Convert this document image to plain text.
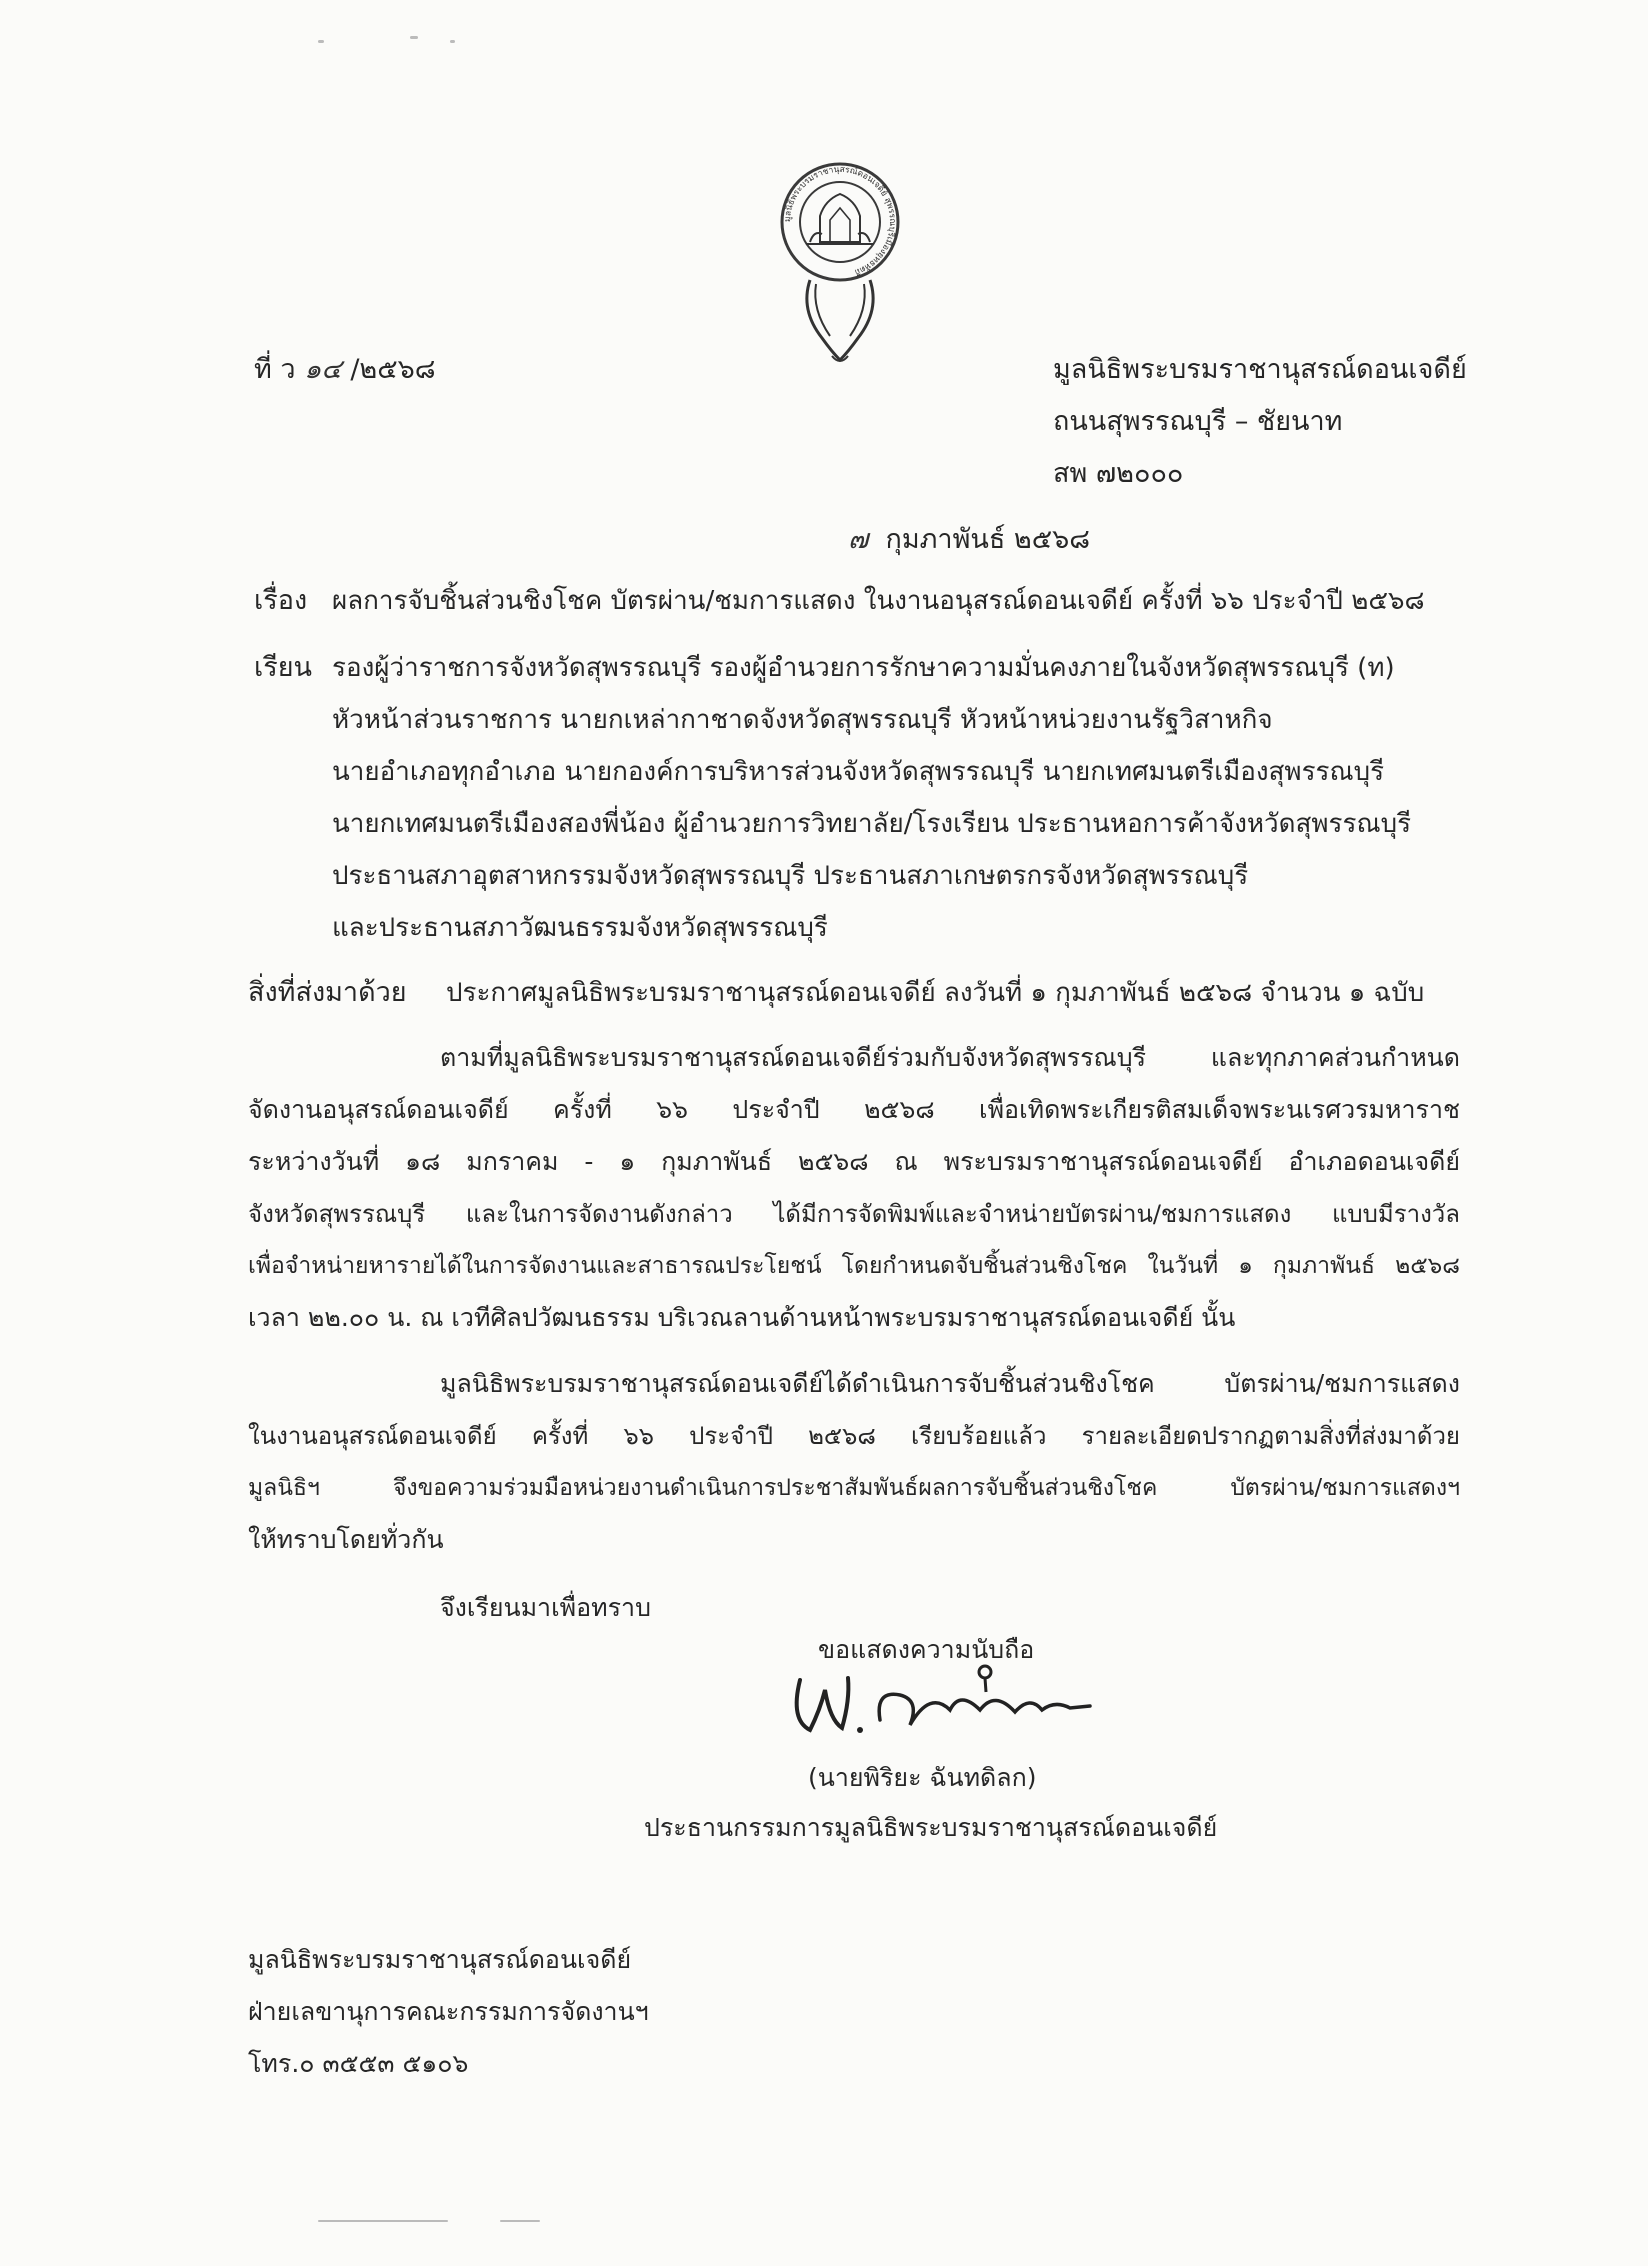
มูลนิธิพระบรมราชานุสรณ์ดอนเจดีย์ สุพรรณบุรีเมืองยุทธหัตถี
ที่ ว ๑๔ /๒๕๖๘	มูลนิธิพระบรมราชานุสรณ์ดอนเจดีย์
ถนนสุพรรณบุรี – ชัยนาท
สพ ๗๒๐๐๐
๗ กุมภาพันธ์ ๒๕๖๘
เรื่อง ผลการจับชิ้นส่วนชิงโชค บัตรผ่าน/ชมการแสดง ในงานอนุสรณ์ดอนเจดีย์ ครั้งที่ ๖๖ ประจำปี ๒๕๖๘
เรียน รองผู้ว่าราชการจังหวัดสุพรรณบุรี รองผู้อำนวยการรักษาความมั่นคงภายในจังหวัดสุพรรณบุรี (ท)
หัวหน้าส่วนราชการ นายกเหล่ากาชาดจังหวัดสุพรรณบุรี หัวหน้าหน่วยงานรัฐวิสาหกิจ
นายอำเภอทุกอำเภอ นายกองค์การบริหารส่วนจังหวัดสุพรรณบุรี นายกเทศมนตรีเมืองสุพรรณบุรี
นายกเทศมนตรีเมืองสองพี่น้อง ผู้อำนวยการวิทยาลัย/โรงเรียน ประธานหอการค้าจังหวัดสุพรรณบุรี
ประธานสภาอุตสาหกรรมจังหวัดสุพรรณบุรี ประธานสภาเกษตรกรจังหวัดสุพรรณบุรี
และประธานสภาวัฒนธรรมจังหวัดสุพรรณบุรี
สิ่งที่ส่งมาด้วย ประกาศมูลนิธิพระบรมราชานุสรณ์ดอนเจดีย์ ลงวันที่ ๑ กุมภาพันธ์ ๒๕๖๘ จำนวน ๑ ฉบับ
ตามที่มูลนิธิพระบรมราชานุสรณ์ดอนเจดีย์ร่วมกับจังหวัดสุพรรณบุรี และทุกภาคส่วนกำหนด
จัดงานอนุสรณ์ดอนเจดีย์ ครั้งที่ ๖๖ ประจำปี ๒๕๖๘ เพื่อเทิดพระเกียรติสมเด็จพระนเรศวรมหาราช
ระหว่างวันที่ ๑๘ มกราคม - ๑ กุมภาพันธ์ ๒๕๖๘ ณ พระบรมราชานุสรณ์ดอนเจดีย์ อำเภอดอนเจดีย์
จังหวัดสุพรรณบุรี และในการจัดงานดังกล่าว ได้มีการจัดพิมพ์และจำหน่ายบัตรผ่าน/ชมการแสดง แบบมีรางวัล
เพื่อจำหน่ายหารายได้ในการจัดงานและสาธารณประโยชน์ โดยกำหนดจับชิ้นส่วนชิงโชค ในวันที่ ๑ กุมภาพันธ์ ๒๕๖๘
เวลา ๒๒.๐๐ น. ณ เวทีศิลปวัฒนธรรม บริเวณลานด้านหน้าพระบรมราชานุสรณ์ดอนเจดีย์ นั้น
มูลนิธิพระบรมราชานุสรณ์ดอนเจดีย์ได้ดำเนินการจับชิ้นส่วนชิงโชค บัตรผ่าน/ชมการแสดง
ในงานอนุสรณ์ดอนเจดีย์ ครั้งที่ ๖๖ ประจำปี ๒๕๖๘ เรียบร้อยแล้ว รายละเอียดปรากฏตามสิ่งที่ส่งมาด้วย
มูลนิธิฯ จึงขอความร่วมมือหน่วยงานดำเนินการประชาสัมพันธ์ผลการจับชิ้นส่วนชิงโชค บัตรผ่าน/ชมการแสดงฯ
ให้ทราบโดยทั่วกัน
จึงเรียนมาเพื่อทราบ
ขอแสดงความนับถือ
(นายพิริยะ ฉันทดิลก)
ประธานกรรมการมูลนิธิพระบรมราชานุสรณ์ดอนเจดีย์
มูลนิธิพระบรมราชานุสรณ์ดอนเจดีย์
ฝ่ายเลขานุการคณะกรรมการจัดงานฯ
โทร.๐ ๓๕๕๓ ๕๑๐๖
